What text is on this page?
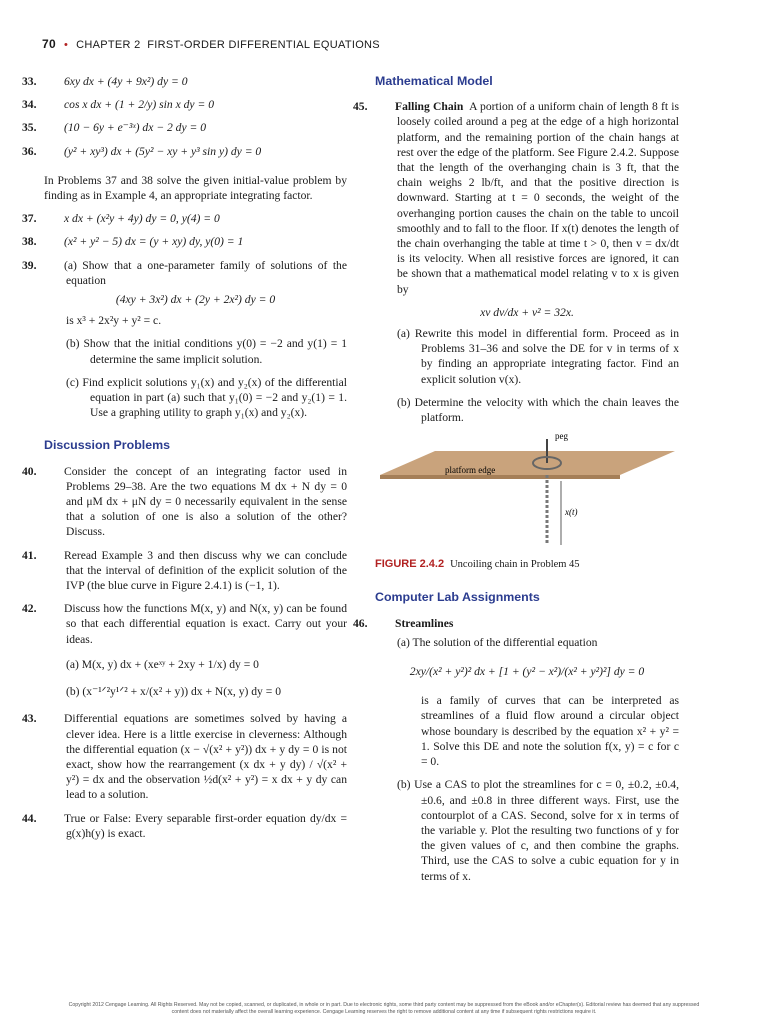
70 • CHAPTER 2 FIRST-ORDER DIFFERENTIAL EQUATIONS

33. 6xy dx + (4y + 9x²) dy = 0

34. cos x dx + (1 + 2/y) sin x dy = 0

35. (10 − 6y + e⁻³ˣ) dx − 2 dy = 0

36. (y² + xy³) dx + (5y² − xy + y³ sin y) dy = 0

In Problems 37 and 38 solve the given initial-value problem by finding as in Example 4, an appropriate integrating factor.

37. x dx + (x²y + 4y) dy = 0, y(4) = 0

38. (x² + y² − 5) dx = (y + xy) dy, y(0) = 1

39. (a) Show that a one-parameter family of solutions of the equation

(4xy + 3x²) dx + (2y + 2x²) dy = 0

is x³ + 2x²y + y² = c.

(b) Show that the initial conditions y(0) = −2 and y(1) = 1 determine the same implicit solution.

(c) Find explicit solutions y₁(x) and y₂(x) of the differential equation in part (a) such that y₁(0) = −2 and y₂(1) = 1. Use a graphing utility to graph y₁(x) and y₂(x).

Discussion Problems

40. Consider the concept of an integrating factor used in Problems 29–38. Are the two equations M dx + N dy = 0 and μM dx + μN dy = 0 necessarily equivalent in the sense that a solution of one is also a solution of the other? Discuss.

41. Reread Example 3 and then discuss why we can conclude that the interval of definition of the explicit solution of the IVP (the blue curve in Figure 2.4.1) is (−1, 1).

42. Discuss how the functions M(x, y) and N(x, y) can be found so that each differential equation is exact. Carry out your ideas.

(a) M(x, y) dx + (xeˣʸ + 2xy + 1/x) dy = 0

(b) (x⁻¹ᐟ²y¹ᐟ² + x/(x² + y)) dx + N(x, y) dy = 0

43. Differential equations are sometimes solved by having a clever idea. Here is a little exercise in cleverness: Although the differential equation (x − √(x² + y²)) dx + y dy = 0 is not exact, show how the rearrangement (x dx + y dy) / √(x² + y²) = dx and the observation ½d(x² + y²) = x dx + y dy can lead to a solution.

44. True or False: Every separable first-order equation dy/dx = g(x)h(y) is exact.

Mathematical Model

45. Falling Chain A portion of a uniform chain of length 8 ft is loosely coiled around a peg at the edge of a high horizontal platform, and the remaining portion of the chain hangs at rest over the edge of the platform. See Figure 2.4.2. Suppose that the length of the overhanging chain is 3 ft, that the chain weighs 2 lb/ft, and that the positive direction is downward. Starting at t = 0 seconds, the weight of the overhanging portion causes the chain on the table to uncoil smoothly and to fall to the floor. If x(t) denotes the length of the chain overhanging the table at time t > 0, then v = dx/dt is its velocity. When all resistive forces are ignored, it can be shown that a mathematical model relating v to x is given by

xv dv/dx + v² = 32x.

(a) Rewrite this model in differential form. Proceed as in Problems 31–36 and solve the DE for v in terms of x by finding an appropriate integrating factor. Find an explicit solution v(x).

(b) Determine the velocity with which the chain leaves the platform.

peg
platform edge
x(t)

FIGURE 2.4.2 Uncoiling chain in Problem 45

Computer Lab Assignments

46. Streamlines

(a) The solution of the differential equation

2xy/(x² + y²)² dx + [1 + (y² − x²)/(x² + y²)²] dy = 0

is a family of curves that can be interpreted as streamlines of a fluid flow around a circular object whose boundary is described by the equation x² + y² = 1. Solve this DE and note the solution f(x, y) = c for c = 0.

(b) Use a CAS to plot the streamlines for c = 0, ±0.2, ±0.4, ±0.6, and ±0.8 in three different ways. First, use the contourplot of a CAS. Second, solve for x in terms of the variable y. Plot the resulting two functions of y for the given values of c, and then combine the graphs. Third, use the CAS to solve a cubic equation for y in terms of x.

Copyright 2012 Cengage Learning. All Rights Reserved. May not be copied, scanned, or duplicated, in whole or in part. Due to electronic rights, some third party content may be suppressed from the eBook and/or eChapter(s). Editorial review has deemed that any suppressed content does not materially affect the overall learning experience. Cengage Learning reserves the right to remove additional content at any time if subsequent rights restrictions require it.
